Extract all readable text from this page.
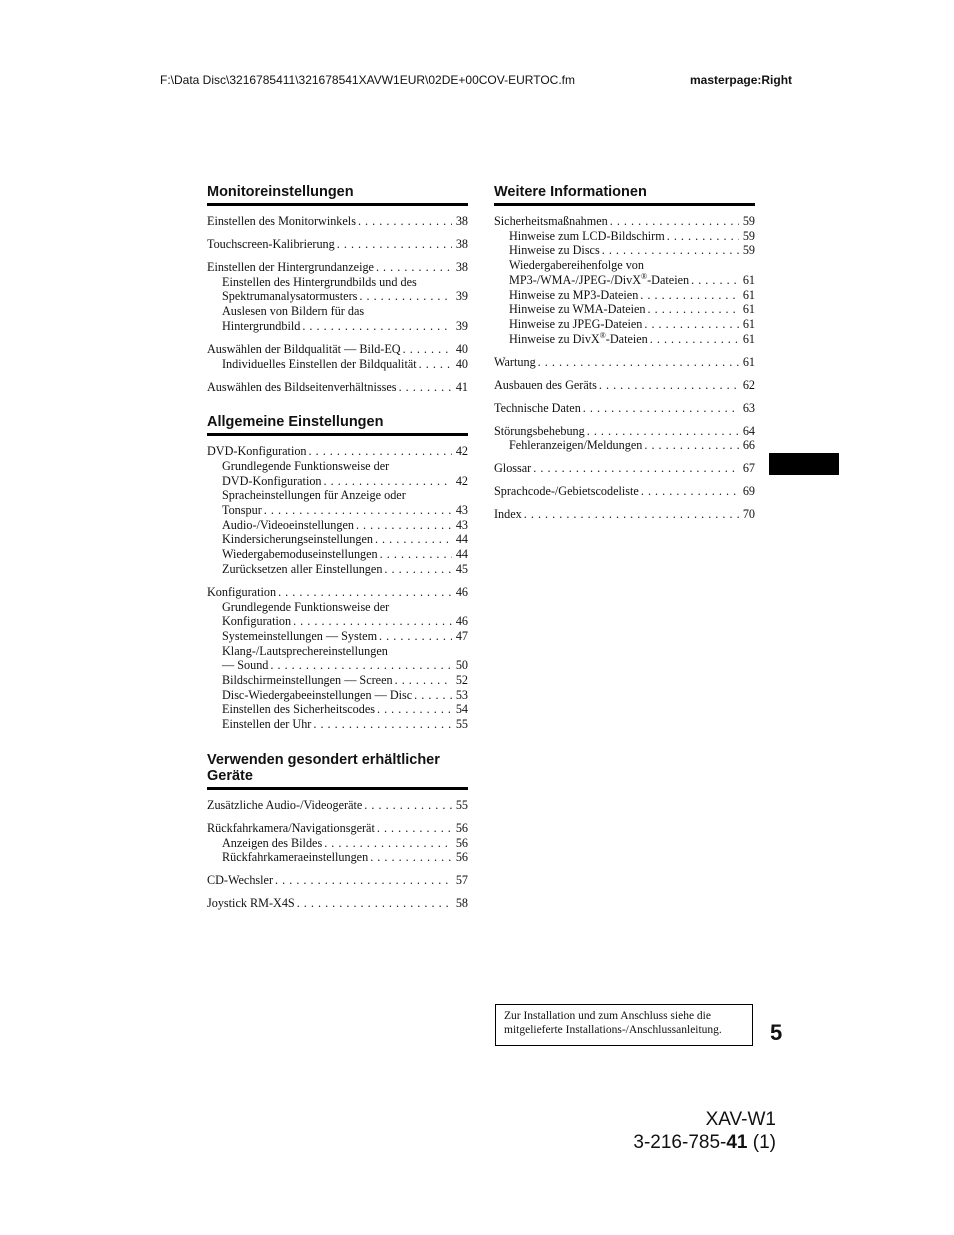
F:\Data Disc\3216785411\321678541XAVW1EUR\02DE+00COV-EURTOC.fm	masterpage:Right
Monitoreinstellungen
Einstellen des Monitorwinkels . . .	38
Touchscreen-Kalibrierung . . .	38
Einstellen der Hintergrundanzeige . . .	38
Einstellen des Hintergrundbilds und des
Spektrumanalysatormusters . . .	39
Auslesen von Bildern für das
Hintergrundbild . . .	39
Auswählen der Bildqualität — Bild-EQ . . .	40
Individuelles Einstellen der Bildqualität . . .	40
Auswählen des Bildseitenverhältnisses . . .	41
Allgemeine Einstellungen
DVD-Konfiguration . . .	42
Grundlegende Funktionsweise der
DVD-Konfiguration . . .	42
Spracheinstellungen für Anzeige oder
Tonspur . . .	43
Audio-/Videoeinstellungen . . .	43
Kindersicherungseinstellungen . . .	44
Wiedergabemoduseinstellungen . . .	44
Zurücksetzen aller Einstellungen . . .	45
Konfiguration . . .	46
Grundlegende Funktionsweise der
Konfiguration . . .	46
Systemeinstellungen — System . . .	47
Klang-/Lautsprechereinstellungen
— Sound . . .	50
Bildschirmeinstellungen — Screen . . .	52
Disc-Wiedergabeeinstellungen — Disc . . .	53
Einstellen des Sicherheitscodes . . .	54
Einstellen der Uhr . . .	55
Verwenden gesondert erhältlicher Geräte
Zusätzliche Audio-/Videogeräte . . .	55
Rückfahrkamera/Navigationsgerät . . .	56
Anzeigen des Bildes . . .	56
Rückfahrkameraeinstellungen . . .	56
CD-Wechsler . . .	57
Joystick RM-X4S . . .	58
Weitere Informationen
Sicherheitsmaßnahmen . . .	59
Hinweise zum LCD-Bildschirm . . .	59
Hinweise zu Discs . . .	59
Wiedergabereihenfolge von
MP3-/WMA-/JPEG-/DivX®-Dateien . . .	61
Hinweise zu MP3-Dateien . . .	61
Hinweise zu WMA-Dateien . . .	61
Hinweise zu JPEG-Dateien . . .	61
Hinweise zu DivX®-Dateien . . .	61
Wartung . . .	61
Ausbauen des Geräts . . .	62
Technische Daten . . .	63
Störungsbehebung . . .	64
Fehleranzeigen/Meldungen . . .	66
Glossar . . .	67
Sprachcode-/Gebietscodeliste . . .	69
Index . . .	70
Zur Installation und zum Anschluss siehe die
mitgelieferte Installations-/Anschlussanleitung.	5
XAV-W1
3-216-785-41 (1)
